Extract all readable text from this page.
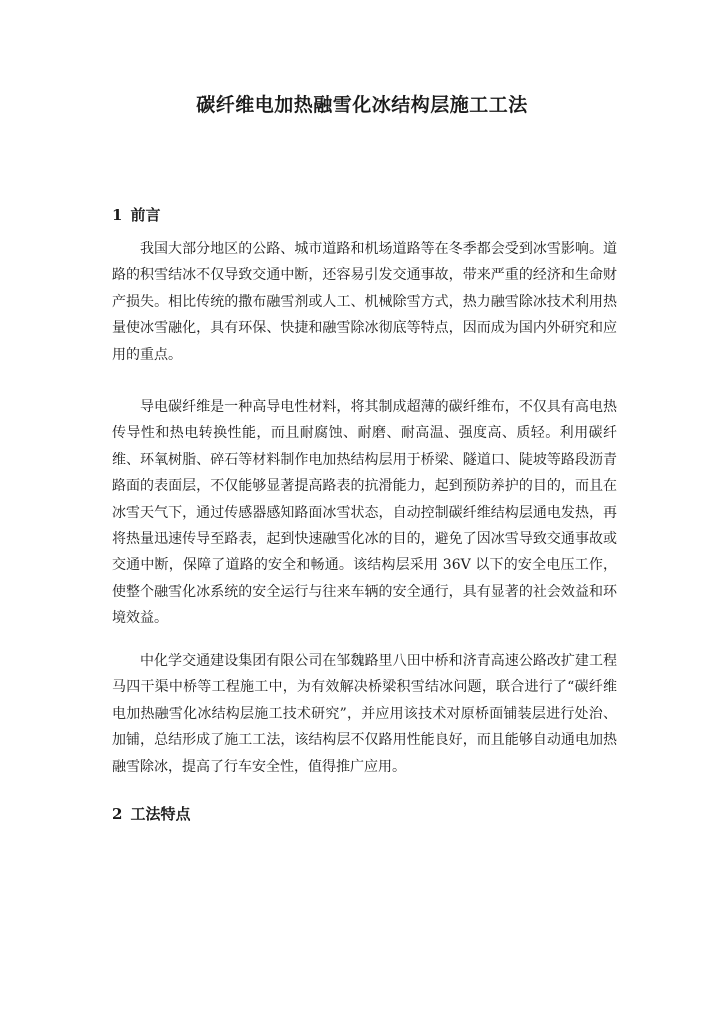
碳纤维电加热融雪化冰结构层施工工法
1 前言

我国大部分地区的公路、城市道路和机场道路等在冬季都会受到冰雪影响。道路的积雪结冰不仅导致交通中断，还容易引发交通事故，带来严重的经济和生命财产损失。相比传统的撒布融雪剂或人工、机械除雪方式，热力融雪除冰技术利用热量使冰雪融化，具有环保、快捷和融雪除冰彻底等特点，因而成为国内外研究和应用的重点。

导电碳纤维是一种高导电性材料，将其制成超薄的碳纤维布，不仅具有高电热传导性和热电转换性能，而且耐腐蚀、耐磨、耐高温、强度高、质轻。利用碳纤维、环氧树脂、碎石等材料制作电加热结构层用于桥梁、隧道口、陡坡等路段沥青路面的表面层，不仅能够显著提高路表的抗滑能力，起到预防养护的目的，而且在冰雪天气下，通过传感器感知路面冰雪状态，自动控制碳纤维结构层通电发热，再将热量迅速传导至路表，起到快速融雪化冰的目的，避免了因冰雪导致交通事故或交通中断，保障了道路的安全和畅通。该结构层采用 36V 以下的安全电压工作，使整个融雪化冰系统的安全运行与往来车辆的安全通行，具有显著的社会效益和环境效益。

中化学交通建设集团有限公司在邹魏路里八田中桥和济青高速公路改扩建工程马四干渠中桥等工程施工中，为有效解决桥梁积雪结冰问题，联合进行了“碳纤维电加热融雪化冰结构层施工技术研究”，并应用该技术对原桥面铺装层进行处治、加铺，总结形成了施工工法，该结构层不仅路用性能良好，而且能够自动通电加热融雪除冰，提高了行车安全性，值得推广应用。

2 工法特点
